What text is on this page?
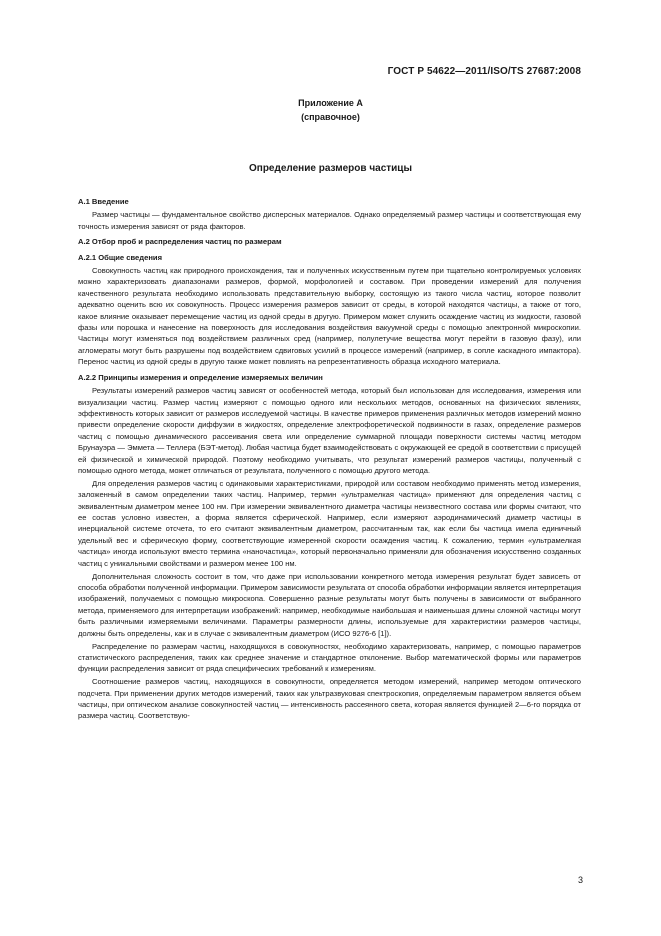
ГОСТ Р 54622—2011/ISO/TS 27687:2008
Приложение А
(справочное)
Определение размеров частицы
А.1 Введение
Размер частицы — фундаментальное свойство дисперсных материалов. Однако определяемый размер частицы и соответствующая ему точность измерения зависят от ряда факторов.
А.2 Отбор проб и распределения частиц по размерам
А.2.1 Общие сведения
Совокупность частиц как природного происхождения, так и полученных искусственным путем при тщательно контролируемых условиях можно характеризовать диапазонами размеров, формой, морфологией и составом. При проведении измерений для получения качественного результата необходимо использовать представительную выборку, состоящую из такого числа частиц, которое позволит адекватно оценить всю их совокупность. Процесс измерения размеров зависит от среды, в которой находятся частицы, а также от того, какое влияние оказывает перемещение частиц из одной среды в другую. Примером может служить осаждение частиц из жидкости, газовой фазы или порошка и нанесение на поверхность для исследования воздействия вакуумной среды с помощью электронной микроскопии. Частицы могут изменяться под воздействием различных сред (например, полулетучие вещества могут перейти в газовую фазу), или агломераты могут быть разрушены под воздействием сдвиговых усилий в процессе измерений (например, в сопле каскадного импактора). Перенос частиц из одной среды в другую также может повлиять на репрезентативность образца исходного материала.
А.2.2 Принципы измерения и определение измеряемых величин
Результаты измерений размеров частиц зависят от особенностей метода, который был использован для исследования, измерения или визуализации частиц. Размер частиц измеряют с помощью одного или нескольких методов, основанных на физических явлениях, эффективность которых зависит от размеров исследуемой частицы. В качестве примеров применения различных методов измерений можно привести определение скорости диффузии в жидкостях, определение электрофоретической подвижности в газах, определение размеров частиц с помощью динамического рассеивания света или определение суммарной площади поверхности системы частиц методом Брунауэра — Эммета — Теллера (БЭТ-метод). Любая частица будет взаимодействовать с окружающей ее средой в соответствии с присущей ей физической и химической природой. Поэтому необходимо учитывать, что результат измерений размеров частицы, полученный с помощью одного метода, может отличаться от результата, полученного с помощью другого метода.
Для определения размеров частиц с одинаковыми характеристиками, природой или составом необходимо применять метод измерения, заложенный в самом определении таких частиц. Например, термин «ультрамелкая частица» применяют для определения частиц с эквивалентным диаметром менее 100 нм. При измерении эквивалентного диаметра частицы неизвестного состава или формы считают, что ее состав условно известен, а форма является сферической. Например, если измеряют аэродинамический диаметр частицы в инерциальной системе отсчета, то его считают эквивалентным диаметром, рассчитанным так, как если бы частица имела единичный удельный вес и сферическую форму, соответствующие измеренной скорости осаждения частиц. К сожалению, термин «ультрамелкая частица» иногда используют вместо термина «наночастица», который первоначально применяли для обозначения искусственно созданных частиц с уникальными свойствами и размером менее 100 нм.
Дополнительная сложность состоит в том, что даже при использовании конкретного метода измерения результат будет зависеть от способа обработки полученной информации. Примером зависимости результата от способа обработки информации является интерпретация изображений, получаемых с помощью микроскопа. Совершенно разные результаты могут быть получены в зависимости от выбранного метода, применяемого для интерпретации изображений: например, необходимые наибольшая и наименьшая длины сложной частицы могут быть различными измеряемыми величинами. Параметры размерности длины, используемые для характеристики размеров частицы, должны быть определены, как и в случае с эквивалентным диаметром (ИСО 9276-6 [1]).
Распределение по размерам частиц, находящихся в совокупностях, необходимо характеризовать, например, с помощью параметров статистического распределения, таких как среднее значение и стандартное отклонение. Выбор математической формы или параметров функции распределения зависит от ряда специфических требований к измерениям.
Соотношение размеров частиц, находящихся в совокупности, определяется методом измерений, например методом оптического подсчета. При применении других методов измерений, таких как ультразвуковая спектроскопия, определяемым параметром является объем частицы, при оптическом анализе совокупностей частиц — интенсивность рассеянного света, которая является функцией 2—6-го порядка от размера частиц. Соответствую-
3
